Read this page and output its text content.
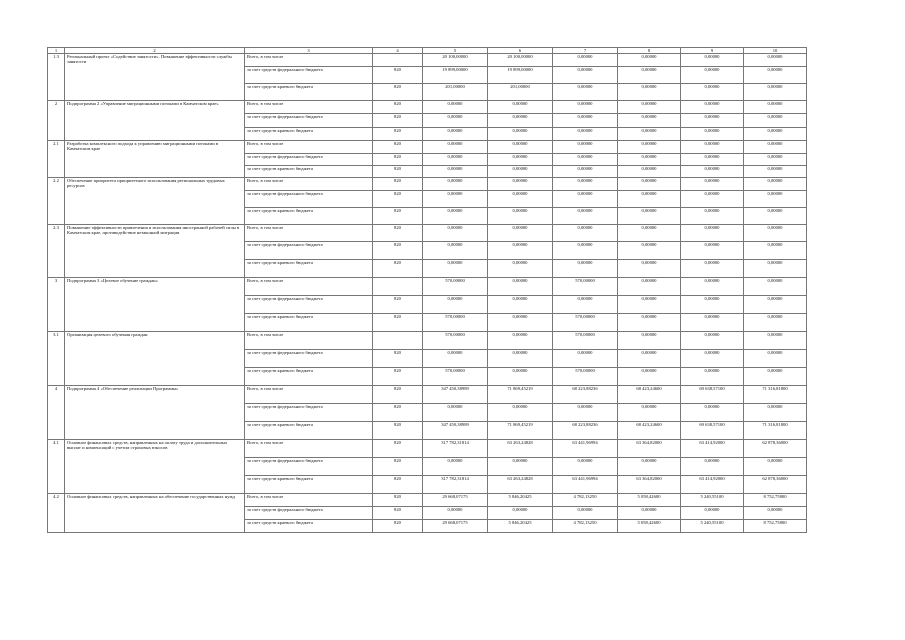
1	2	3	4	5	6	7	8	9	10
1.3	Региональный проект «Содействие занятости». Повышение эффективности службы занятости	Всего, в том числе		20 100,00000	20 100,00000	0,00000	0,00000	0,00000	0,00000
		за счет средств федерального бюджета	820	19 899,00000	19 899,00000	0,00000	0,00000	0,00000	0,00000
		за счет средств краевого бюджета	820	201,00000	201,00000	0,00000	0,00000	0,00000	0,00000
2	Подпрограмма 2 «Управление миграционными потоками в Камчатском крае»	Всего, в том числе	820	0,00000	0,00000	0,00000	0,00000	0,00000	0,00000
		за счет средств федерального бюджета	820	0,00000	0,00000	0,00000	0,00000	0,00000	0,00000
		за счет средств краевого бюджета	820	0,00000	0,00000	0,00000	0,00000	0,00000	0,00000
2.1	Разработка комплексного подхода к управлению миграционными потоками в Камчатском крае	Всего, в том числе	820	0,00000	0,00000	0,00000	0,00000	0,00000	0,00000
		за счет средств федерального бюджета	820	0,00000	0,00000	0,00000	0,00000	0,00000	0,00000
		за счет средств краевого бюджета	820	0,00000	0,00000	0,00000	0,00000	0,00000	0,00000
2.2	Обеспечение приоритета приоритетного использования региональных трудовых ресурсов	Всего, в том числе	820	0,00000	0,00000	0,00000	0,00000	0,00000	0,00000
		за счет средств федерального бюджета	820	0,00000	0,00000	0,00000	0,00000	0,00000	0,00000
		за счет средств краевого бюджета	820	0,00000	0,00000	0,00000	0,00000	0,00000	0,00000
2.3	Повышение эффективности привлечения и использования иностранной рабочей силы в Камчатском крае, противодействие незаконной миграции	Всего, в том числе	820	0,00000	0,00000	0,00000	0,00000	0,00000	0,00000
		за счет средств федерального бюджета	820	0,00000	0,00000	0,00000	0,00000	0,00000	0,00000
		за счет средств краевого бюджета	820	0,00000	0,00000	0,00000	0,00000	0,00000	0,00000
3	Подпрограмма 3 «Целевое обучение граждан»	Всего, в том числе		570,00000	0,00000	570,00000	0,00000	0,00000	0,00000
		за счет средств федерального бюджета	820	0,00000	0,00000	0,00000	0,00000	0,00000	0,00000
		за счет средств краевого бюджета	820	570,00000	0,00000	570,00000	0,00000	0,00000	0,00000
3.1	Организация целевого обучения граждан	Всего, в том числе		570,00000	0,00000	570,00000	0,00000	0,00000	0,00000
		за счет средств федерального бюджета	820	0,00000	0,00000	0,00000	0,00000	0,00000	0,00000
		за счет средств краевого бюджета	820	570,00000	0,00000	570,00000	0,00000	0,00000	0,00000
4	Подпрограмма 4 «Обеспечение реализации Программы»	Всего, в том числе	820	347 450,38989	71 869,45219	68 223,88236	68 423,24600	69 638,57100	71 316,81800
		за счет средств федерального бюджета	820	0,00000	0,00000	0,00000	0,00000	0,00000	0,00000
		за счет средств краевого бюджета	820	347 450,38989	71 869,45219	68 223,88236	68 423,24600	69 638,57100	71 316,81800
4.1	Основное финансовых средств, направленных на оплату труда и дополнительных выплат и компенсаций с учетом страховых взносов	Всего, в том числе	820	317 782,31814	63 263,24828	63 441,96994	63 364,82000	63 414,92000	62 878,36000
		за счет средств федерального бюджета	820	0,00000	0,00000	0,00000	0,00000	0,00000	0,00000
		за счет средств краевого бюджета	820	317 782,31814	63 263,24828	63 441,96994	63 364,82000	63 414,92000	62 878,36000
4.2	Основное финансовых средств, направленных на обеспечение государственных нужд	Всего, в том числе	820	29 668,07175	5 846,20425	4 782,13250	5 058,42600	5 240,55100	8 752,75800
		за счет средств федерального бюджета	820	0,00000	0,00000	0,00000	0,00000	0,00000	0,00000
		за счет средств краевого бюджета	820	29 668,07175	5 846,20425	4 782,13250	5 058,42600	5 240,55100	8 752,75800
